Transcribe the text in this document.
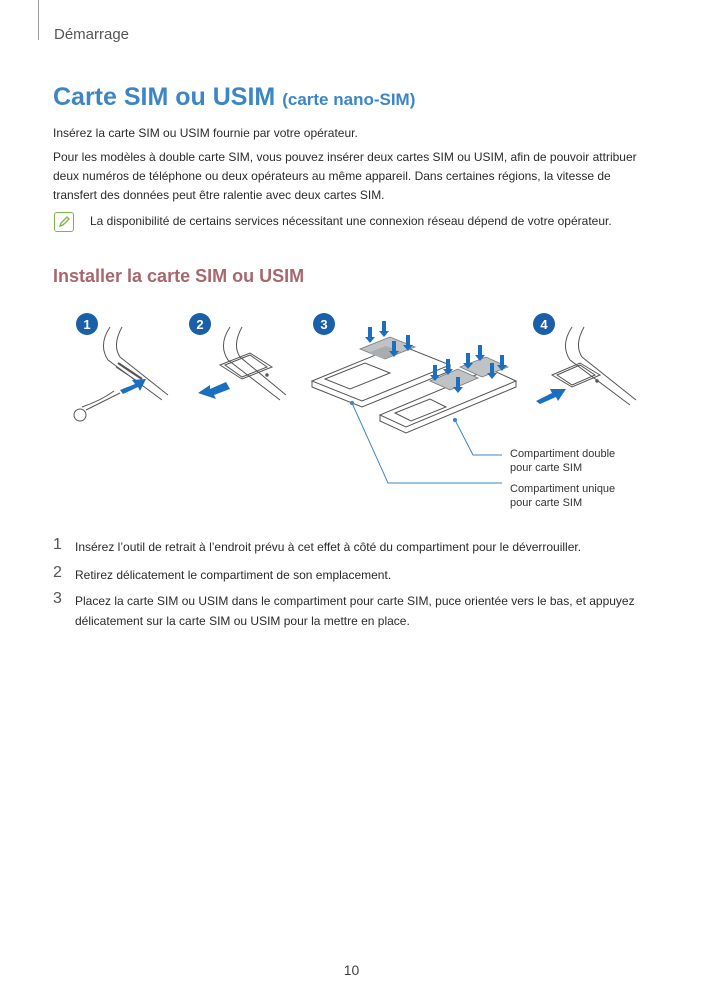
Démarrage
Carte SIM ou USIM (carte nano-SIM)
Insérez la carte SIM ou USIM fournie par votre opérateur.
Pour les modèles à double carte SIM, vous pouvez insérer deux cartes SIM ou USIM, afin de pouvoir attribuer deux numéros de téléphone ou deux opérateurs au même appareil. Dans certaines régions, la vitesse de transfert des données peut être ralentie avec deux cartes SIM.
La disponibilité de certains services nécessitant une connexion réseau dépend de votre opérateur.
Installer la carte SIM ou USIM
1	2	3	4
Compartiment double
pour carte SIM
Compartiment unique
pour carte SIM
1 Insérez l’outil de retrait à l’endroit prévu à cet effet à côté du compartiment pour le déverrouiller.
2 Retirez délicatement le compartiment de son emplacement.
3 Placez la carte SIM ou USIM dans le compartiment pour carte SIM, puce orientée vers le bas, et appuyez délicatement sur la carte SIM ou USIM pour la mettre en place.
10
